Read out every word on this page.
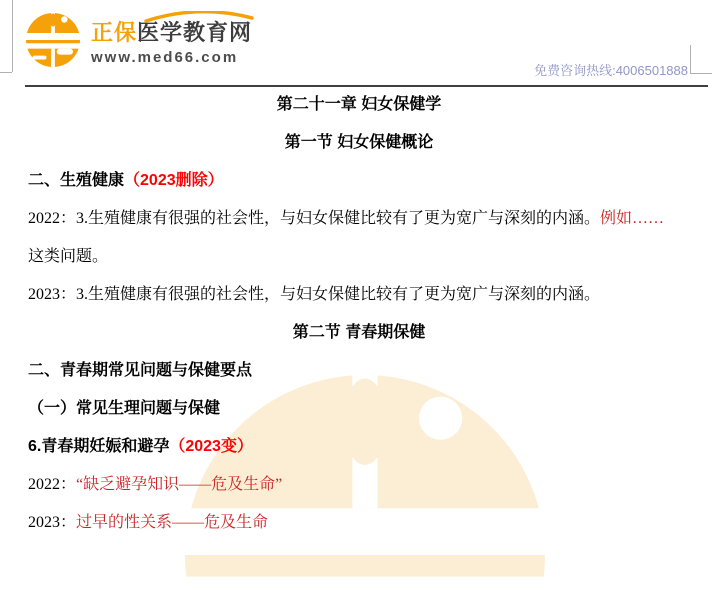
正保医学教育网
www.med66.com
免费咨询热线:4006501888

第二十一章 妇女保健学

第一节 妇女保健概论

二、生殖健康（2023删除）

2022：3.生殖健康有很强的社会性，与妇女保健比较有了更为宽广与深刻的内涵。例如……

这类问题。

2023：3.生殖健康有很强的社会性，与妇女保健比较有了更为宽广与深刻的内涵。

第二节 青春期保健

二、青春期常见问题与保健要点

（一）常见生理问题与保健

6.青春期妊娠和避孕（2023变）

2022：“缺乏避孕知识——危及生命”

2023：过早的性关系——危及生命
